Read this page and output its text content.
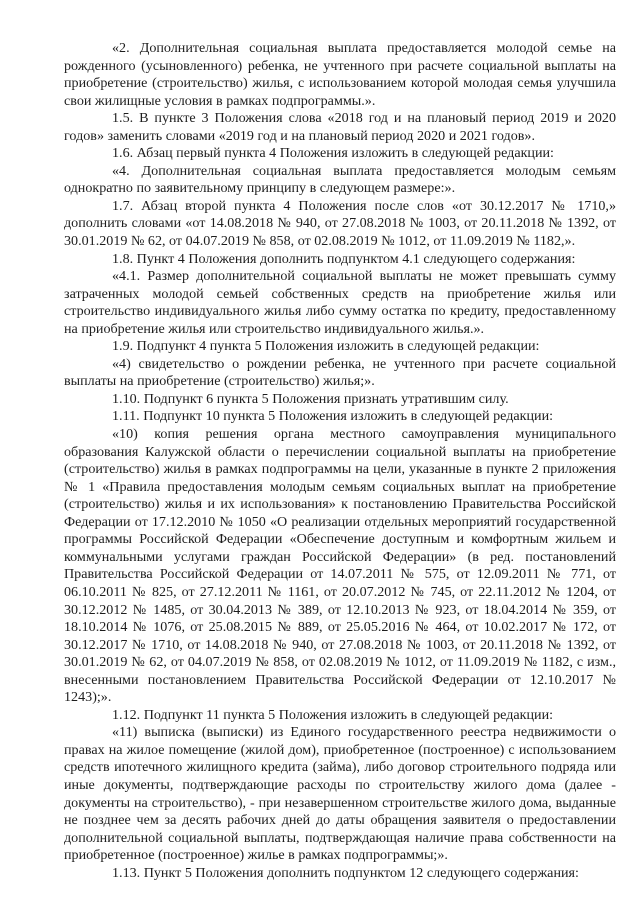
«2. Дополнительная социальная выплата предоставляется молодой семье на рожденного (усыновленного) ребенка, не учтенного при расчете социальной выплаты на приобретение (строительство) жилья, с использованием которой молодая семья улучшила свои жилищные условия в рамках подпрограммы.».

1.5. В пункте 3 Положения слова «2018 год и на плановый период 2019 и 2020 годов» заменить словами «2019 год и на плановый период 2020 и 2021 годов».

1.6. Абзац первый пункта 4 Положения изложить в следующей редакции:

«4. Дополнительная социальная выплата предоставляется молодым семьям однократно по заявительному принципу в следующем размере:».

1.7. Абзац второй пункта 4 Положения после слов «от 30.12.2017 № 1710,» дополнить словами «от 14.08.2018 № 940, от 27.08.2018 № 1003, от 20.11.2018 № 1392, от 30.01.2019 № 62, от 04.07.2019 № 858, от 02.08.2019 № 1012, от 11.09.2019 № 1182,».

1.8. Пункт 4 Положения дополнить подпунктом 4.1 следующего содержания:

«4.1. Размер дополнительной социальной выплаты не может превышать сумму затраченных молодой семьей собственных средств на приобретение жилья или строительство индивидуального жилья либо сумму остатка по кредиту, предоставленному на приобретение жилья или строительство индивидуального жилья.».

1.9. Подпункт 4 пункта 5 Положения изложить в следующей редакции:

«4) свидетельство о рождении ребенка, не учтенного при расчете социальной выплаты на приобретение (строительство) жилья;».

1.10. Подпункт 6 пункта 5 Положения признать утратившим силу.

1.11. Подпункт 10 пункта 5 Положения изложить в следующей редакции:

«10) копия решения органа местного самоуправления муниципального образования Калужской области о перечислении социальной выплаты на приобретение (строительство) жилья в рамках подпрограммы на цели, указанные в пункте 2 приложения № 1 «Правила предоставления молодым семьям социальных выплат на приобретение (строительство) жилья и их использования» к постановлению Правительства Российской Федерации от 17.12.2010 № 1050 «О реализации отдельных мероприятий государственной программы Российской Федерации «Обеспечение доступным и комфортным жильем и коммунальными услугами граждан Российской Федерации» (в ред. постановлений Правительства Российской Федерации от 14.07.2011 № 575, от 12.09.2011 № 771, от 06.10.2011 № 825, от 27.12.2011 № 1161, от 20.07.2012 № 745, от 22.11.2012 № 1204, от 30.12.2012 № 1485, от 30.04.2013 № 389, от 12.10.2013 № 923, от 18.04.2014 № 359, от 18.10.2014 № 1076, от 25.08.2015 № 889, от 25.05.2016 № 464, от 10.02.2017 № 172, от 30.12.2017 № 1710, от 14.08.2018 № 940, от 27.08.2018 № 1003, от 20.11.2018 № 1392, от 30.01.2019 № 62, от 04.07.2019 № 858, от 02.08.2019 № 1012, от 11.09.2019 № 1182, с изм., внесенными постановлением Правительства Российской Федерации от 12.10.2017 № 1243);».

1.12. Подпункт 11 пункта 5 Положения изложить в следующей редакции:

«11) выписка (выписки) из Единого государственного реестра недвижимости о правах на жилое помещение (жилой дом), приобретенное (построенное) с использованием средств ипотечного жилищного кредита (займа), либо договор строительного подряда или иные документы, подтверждающие расходы по строительству жилого дома (далее - документы на строительство), - при незавершенном строительстве жилого дома, выданные не позднее чем за десять рабочих дней до даты обращения заявителя о предоставлении дополнительной социальной выплаты, подтверждающая наличие права собственности на приобретенное (построенное) жилье в рамках подпрограммы;».

1.13. Пункт 5 Положения дополнить подпунктом 12 следующего содержания:
